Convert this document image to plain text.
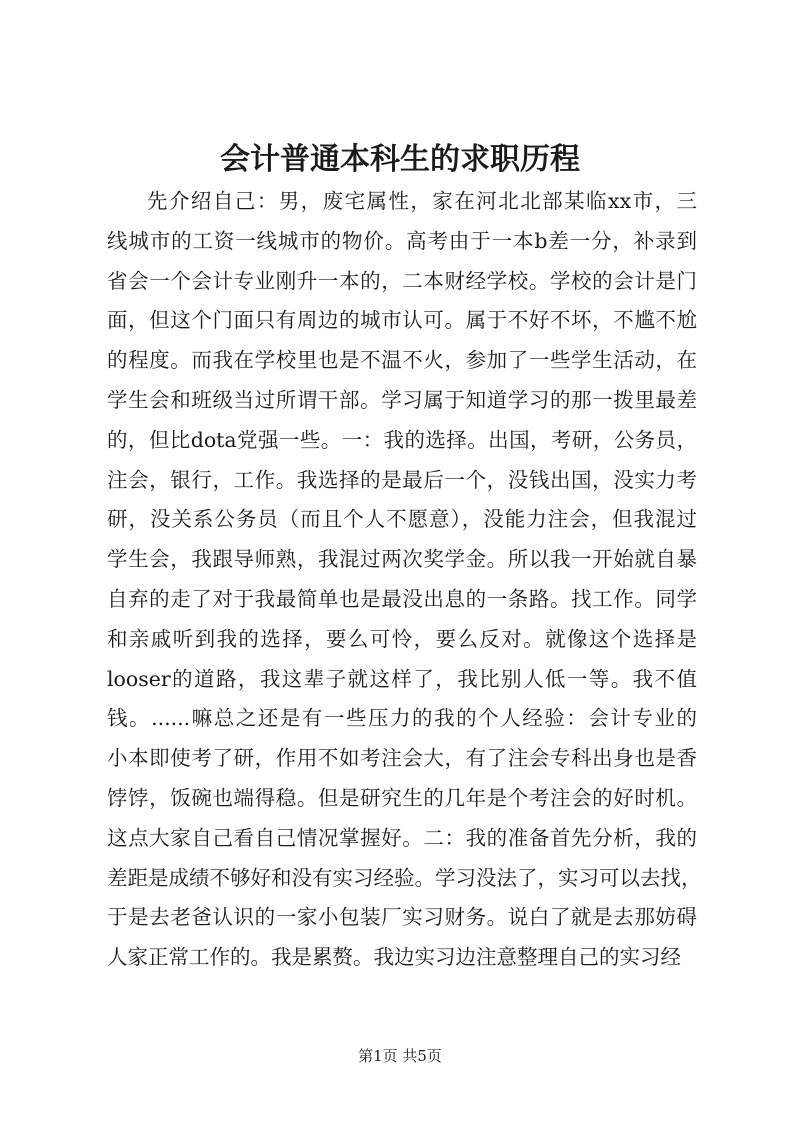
会计普通本科生的求职历程
先介绍自己：男，废宅属性，家在河北北部某临xx市，三
线城市的工资一线城市的物价。高考由于一本b差一分，补录到
省会一个会计专业刚升一本的，二本财经学校。学校的会计是门
面，但这个门面只有周边的城市认可。属于不好不坏，不尴不尬
的程度。而我在学校里也是不温不火，参加了一些学生活动，在
学生会和班级当过所谓干部。学习属于知道学习的那一拨里最差
的，但比dota党强一些。一：我的选择。出国，考研，公务员，
注会，银行，工作。我选择的是最后一个，没钱出国，没实力考
研，没关系公务员（而且个人不愿意），没能力注会，但我混过
学生会，我跟导师熟，我混过两次奖学金。所以我一开始就自暴
自弃的走了对于我最简单也是最没出息的一条路。找工作。同学
和亲戚听到我的选择，要么可怜，要么反对。就像这个选择是
looser的道路，我这辈子就这样了，我比别人低一等。我不值
钱。......嘛总之还是有一些压力的我的个人经验：会计专业的
小本即使考了研，作用不如考注会大，有了注会专科出身也是香
饽饽，饭碗也端得稳。但是研究生的几年是个考注会的好时机。
这点大家自己看自己情况掌握好。二：我的准备首先分析，我的
差距是成绩不够好和没有实习经验。学习没法了，实习可以去找，
于是去老爸认识的一家小包装厂实习财务。说白了就是去那妨碍
人家正常工作的。我是累赘。我边实习边注意整理自己的实习经
第1页 共5页
